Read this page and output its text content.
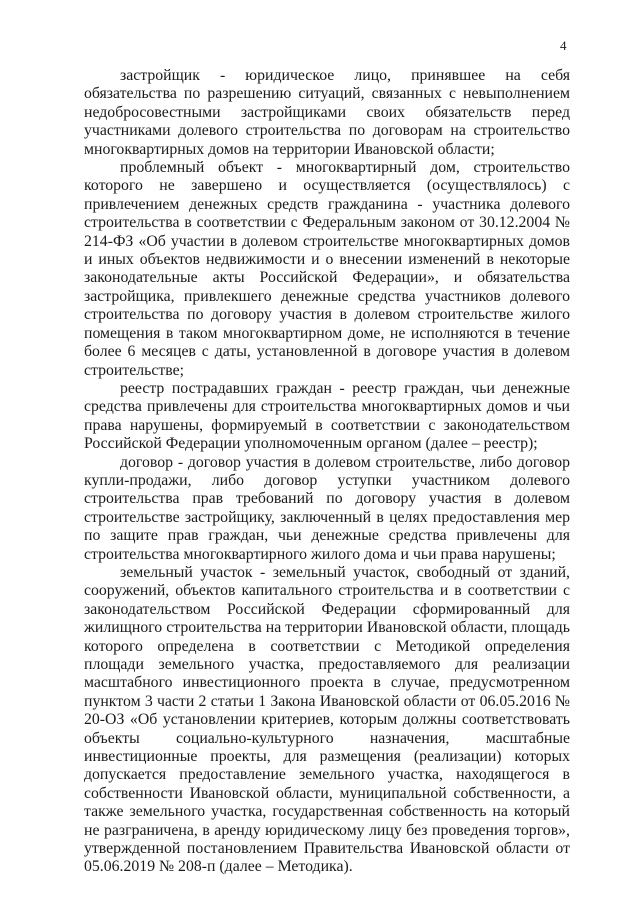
4

застройщик - юридическое лицо, принявшее на себя обязательства по разрешению ситуаций, связанных с невыполнением недобросовестными застройщиками своих обязательств перед участниками долевого строительства по договорам на строительство многоквартирных домов на территории Ивановской области;

проблемный объект - многоквартирный дом, строительство которого не завершено и осуществляется (осуществлялось) с привлечением денежных средств гражданина - участника долевого строительства в соответствии с Федеральным законом от 30.12.2004 № 214-ФЗ «Об участии в долевом строительстве многоквартирных домов и иных объектов недвижимости и о внесении изменений в некоторые законодательные акты Российской Федерации», и обязательства застройщика, привлекшего денежные средства участников долевого строительства по договору участия в долевом строительстве жилого помещения в таком многоквартирном доме, не исполняются в течение более 6 месяцев с даты, установленной в договоре участия в долевом строительстве;

реестр пострадавших граждан - реестр граждан, чьи денежные средства привлечены для строительства многоквартирных домов и чьи права нарушены, формируемый в соответствии с законодательством Российской Федерации уполномоченным органом (далее – реестр);

договор - договор участия в долевом строительстве, либо договор купли-продажи, либо договор уступки участником долевого строительства прав требований по договору участия в долевом строительстве застройщику, заключенный в целях предоставления мер по защите прав граждан, чьи денежные средства привлечены для строительства многоквартирного жилого дома и чьи права нарушены;

земельный участок - земельный участок, свободный от зданий, сооружений, объектов капитального строительства и в соответствии с законодательством Российской Федерации сформированный для жилищного строительства на территории Ивановской области, площадь которого определена в соответствии с Методикой определения площади земельного участка, предоставляемого для реализации масштабного инвестиционного проекта в случае, предусмотренном пунктом 3 части 2 статьи 1 Закона Ивановской области от 06.05.2016 № 20-ОЗ «Об установлении критериев, которым должны соответствовать объекты социально-культурного назначения, масштабные инвестиционные проекты, для размещения (реализации) которых допускается предоставление земельного участка, находящегося в собственности Ивановской области, муниципальной собственности, а также земельного участка, государственная собственность на который не разграничена, в аренду юридическому лицу без проведения торгов», утвержденной постановлением Правительства Ивановской области от 05.06.2019 № 208-п (далее – Методика).
